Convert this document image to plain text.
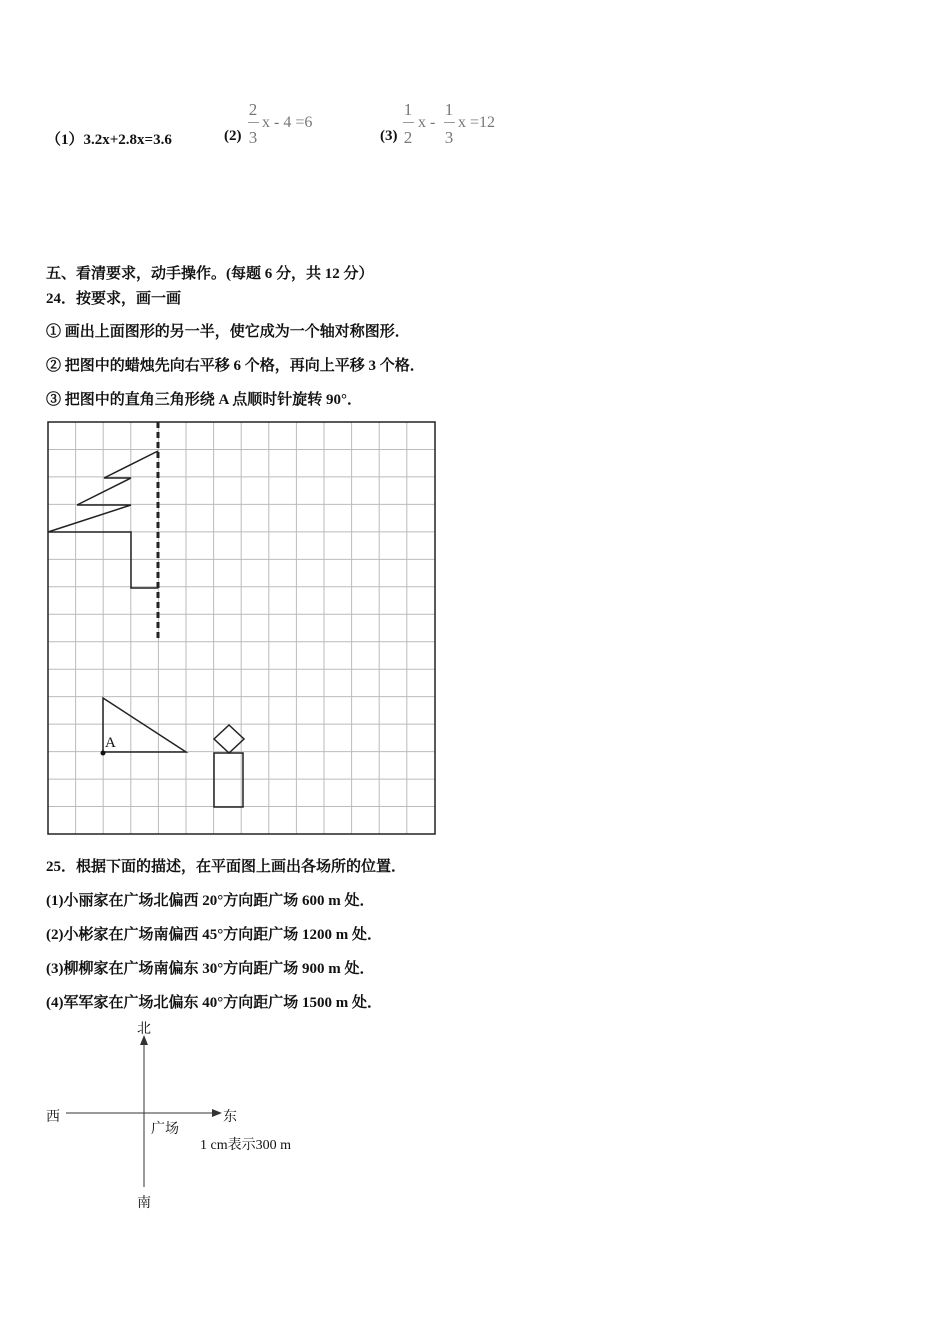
（1）3.2x+2.8x=3.6	(2)
2
3
x - 4 =6
(3)
1
2
x -
1
3
x =12
五、看清要求，动手操作。(每题 6 分，共 12 分）
24．按要求，画一画
① 画出上面图形的另一半，使它成为一个轴对称图形．
② 把图中的蜡烛先向右平移 6 个格，再向上平移 3 个格．
③ 把图中的直角三角形绕 A 点顺时针旋转 90°．
A
25．根据下面的描述，在平面图上画出各场所的位置．
(1)小丽家在广场北偏西 20°方向距广场 600 m 处．
(2)小彬家在广场南偏西 45°方向距广场 1200 m 处．
(3)柳柳家在广场南偏东 30°方向距广场 900 m 处．
(4)军军家在广场北偏东 40°方向距广场 1500 m 处．
北
南
西	东
广场
1 cm表示300 m
